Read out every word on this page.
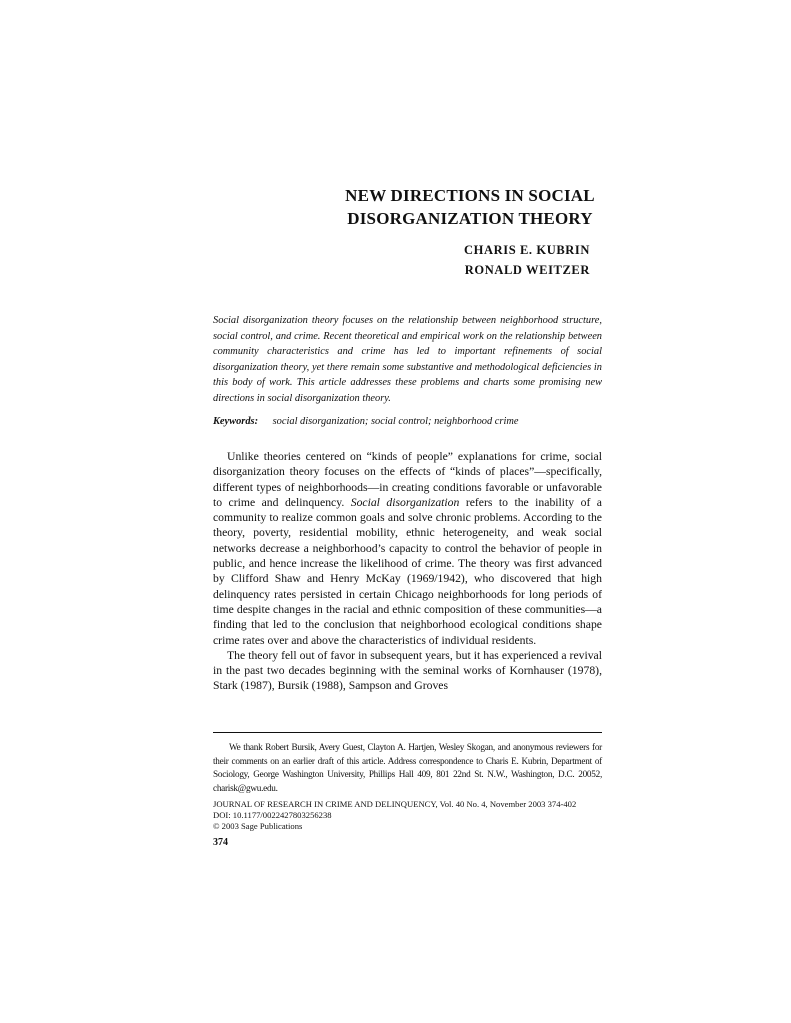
NEW DIRECTIONS IN SOCIAL
DISORGANIZATION THEORY
CHARIS E. KUBRIN
RONALD WEITZER
Social disorganization theory focuses on the relationship between neighborhood structure, social control, and crime. Recent theoretical and empirical work on the relationship between community characteristics and crime has led to important refinements of social disorganization theory, yet there remain some substantive and methodological deficiencies in this body of work. This article addresses these problems and charts some promising new directions in social disorganization theory.
Keywords: social disorganization; social control; neighborhood crime

Unlike theories centered on “kinds of people” explanations for crime, social disorganization theory focuses on the effects of “kinds of places”—specifically, different types of neighborhoods—in creating conditions favorable or unfavorable to crime and delinquency. Social disorganization refers to the inability of a community to realize common goals and solve chronic problems. According to the theory, poverty, residential mobility, ethnic heterogeneity, and weak social networks decrease a neighborhood’s capacity to control the behavior of people in public, and hence increase the likelihood of crime. The theory was first advanced by Clifford Shaw and Henry McKay (1969/1942), who discovered that high delinquency rates persisted in certain Chicago neighborhoods for long periods of time despite changes in the racial and ethnic composition of these communities—a finding that led to the conclusion that neighborhood ecological conditions shape crime rates over and above the characteristics of individual residents.

The theory fell out of favor in subsequent years, but it has experienced a revival in the past two decades beginning with the seminal works of Kornhauser (1978), Stark (1987), Bursik (1988), Sampson and Groves

We thank Robert Bursik, Avery Guest, Clayton A. Hartjen, Wesley Skogan, and anonymous reviewers for their comments on an earlier draft of this article. Address correspondence to Charis E. Kubrin, Department of Sociology, George Washington University, Phillips Hall 409, 801 22nd St. N.W., Washington, D.C. 20052, charisk@gwu.edu.

JOURNAL OF RESEARCH IN CRIME AND DELINQUENCY, Vol. 40 No. 4, November 2003 374-402
DOI: 10.1177/0022427803256238
© 2003 Sage Publications
374
